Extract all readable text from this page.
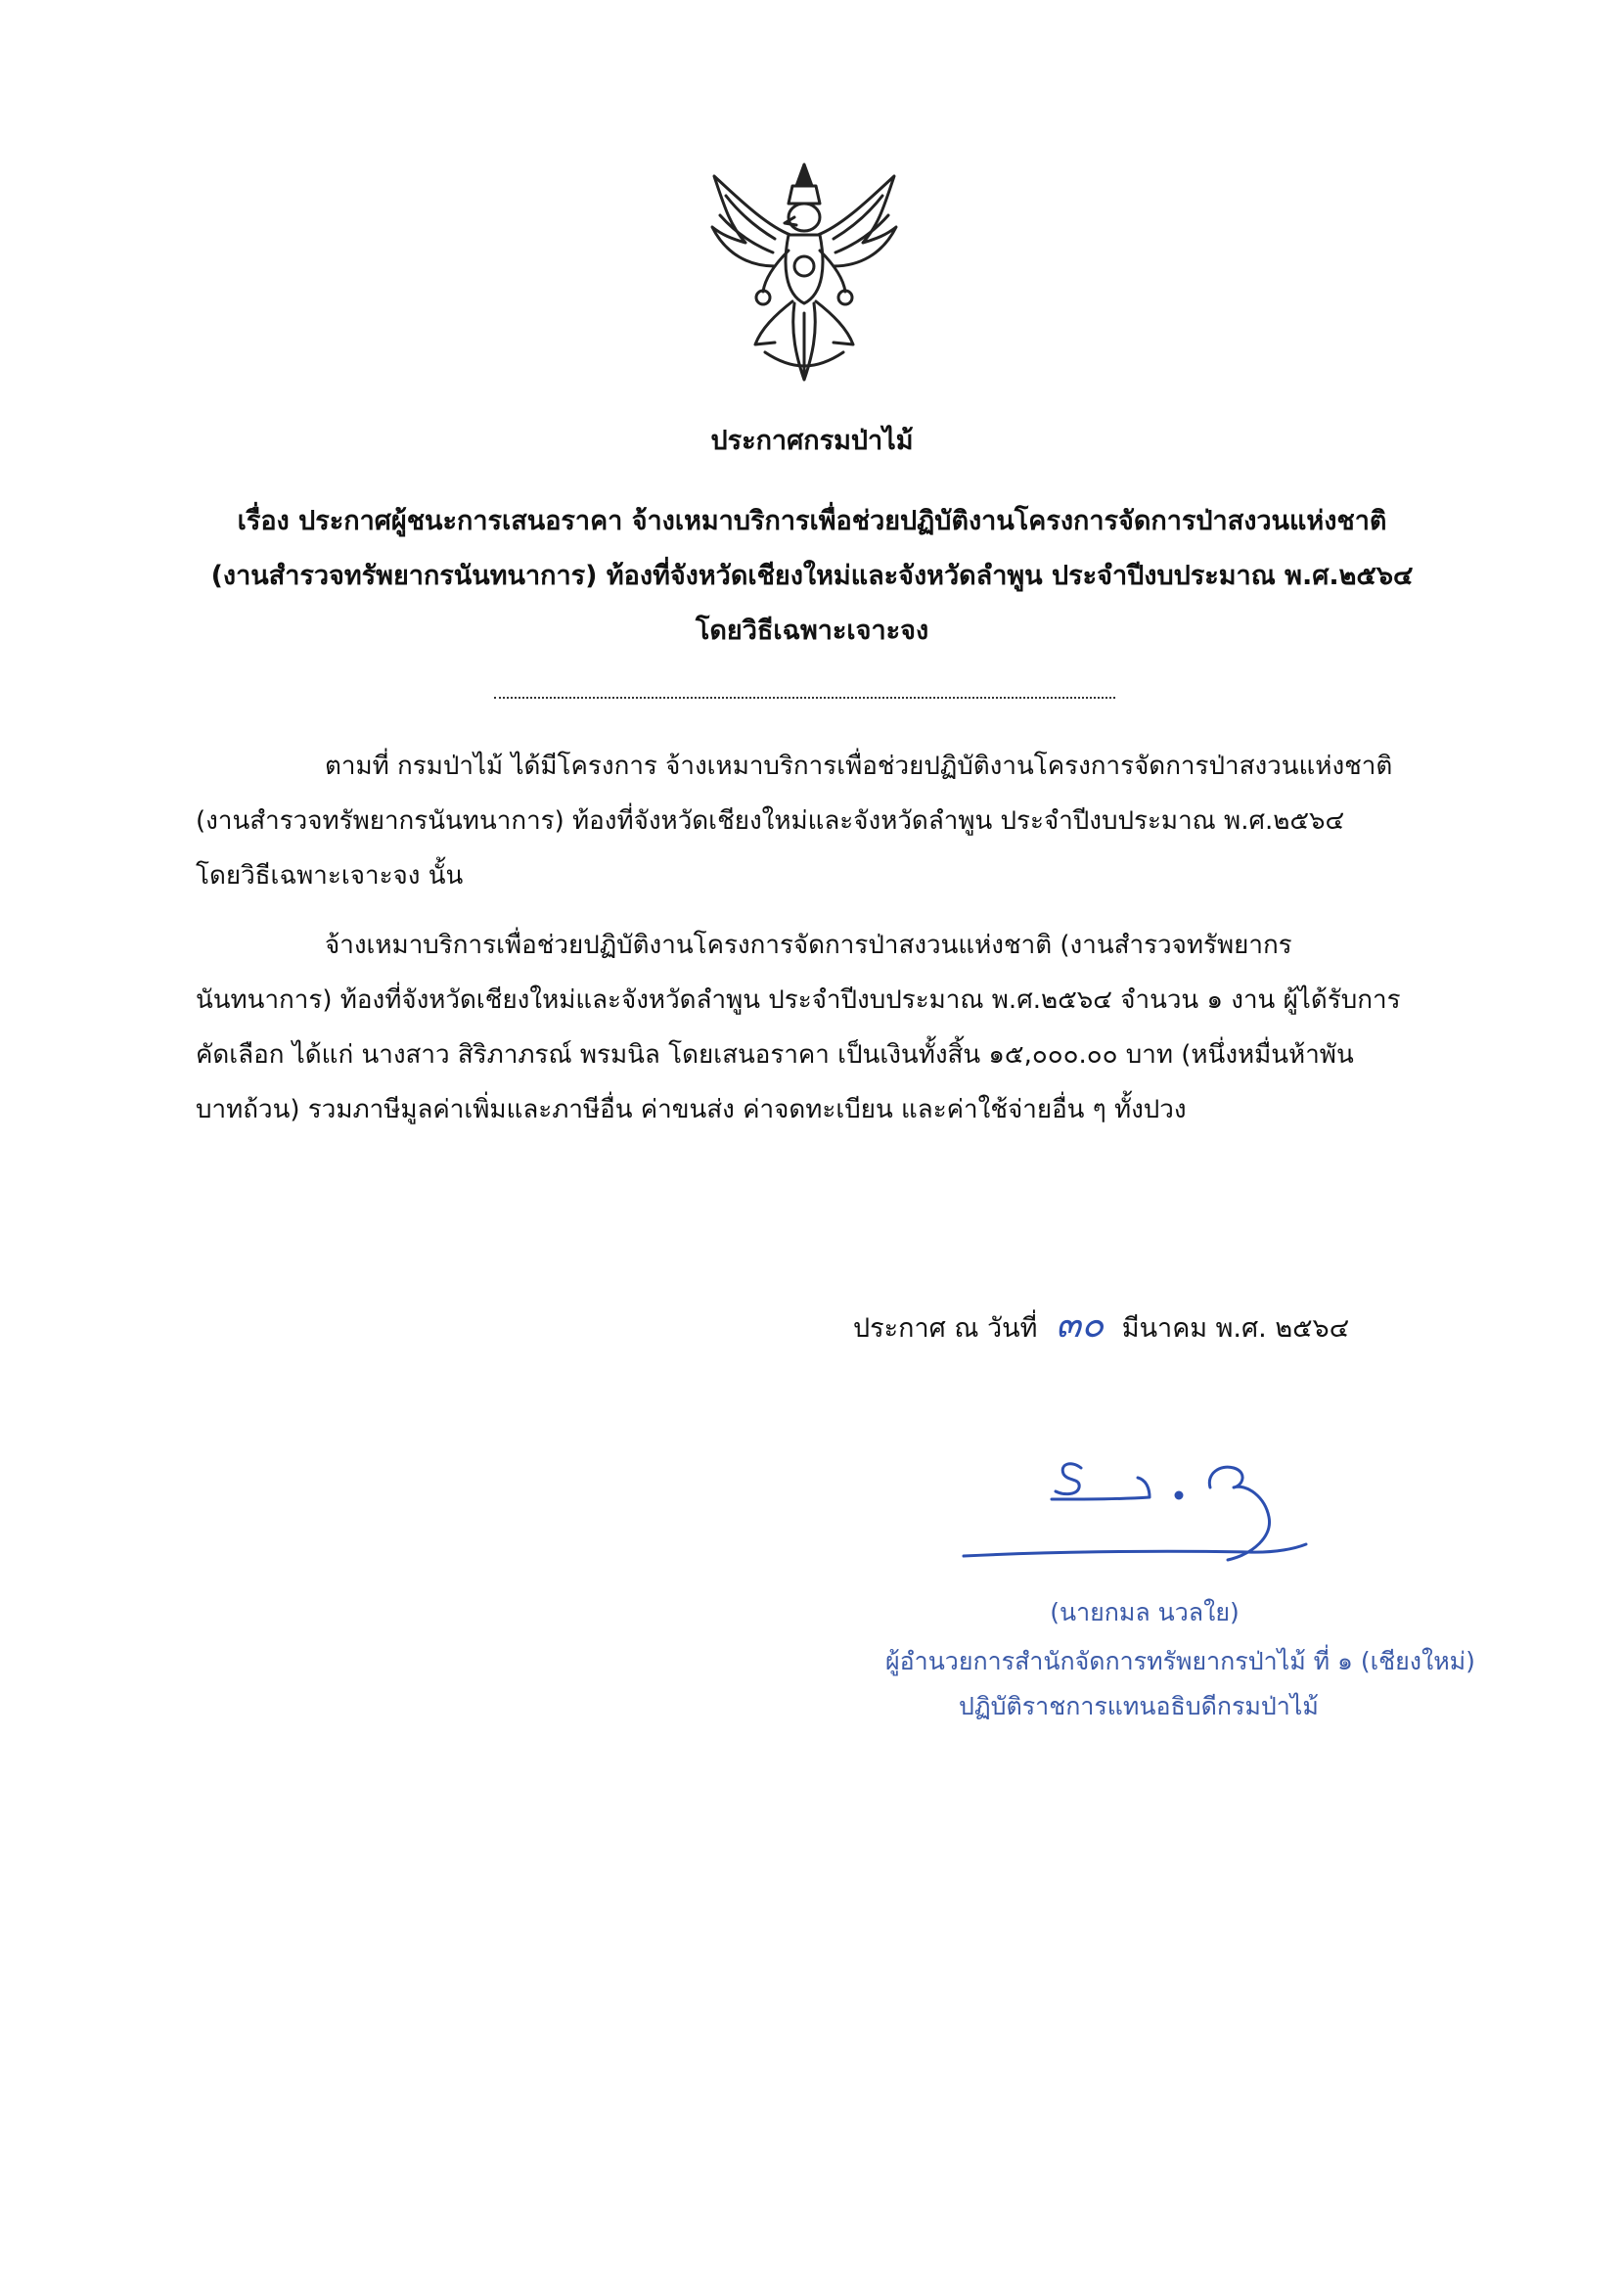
ประกาศกรมป่าไม้
เรื่อง ประกาศผู้ชนะการเสนอราคา จ้างเหมาบริการเพื่อช่วยปฏิบัติงานโครงการจัดการป่าสงวนแห่งชาติ
(งานสำรวจทรัพยากรนันทนาการ) ท้องที่จังหวัดเชียงใหม่และจังหวัดลำพูน ประจำปีงบประมาณ พ.ศ.๒๕๖๔
โดยวิธีเฉพาะเจาะจง

ตามที่ กรมป่าไม้ ได้มีโครงการ จ้างเหมาบริการเพื่อช่วยปฏิบัติงานโครงการจัดการป่าสงวนแห่งชาติ
(งานสำรวจทรัพยากรนันทนาการ) ท้องที่จังหวัดเชียงใหม่และจังหวัดลำพูน ประจำปีงบประมาณ พ.ศ.๒๕๖๔
โดยวิธีเฉพาะเจาะจง นั้น

จ้างเหมาบริการเพื่อช่วยปฏิบัติงานโครงการจัดการป่าสงวนแห่งชาติ (งานสำรวจทรัพยากร
นันทนาการ) ท้องที่จังหวัดเชียงใหม่และจังหวัดลำพูน ประจำปีงบประมาณ พ.ศ.๒๕๖๔ จำนวน ๑ งาน ผู้ได้รับการ
คัดเลือก ได้แก่ นางสาว สิริภาภรณ์ พรมนิล โดยเสนอราคา เป็นเงินทั้งสิ้น ๑๕,๐๐๐.๐๐ บาท (หนึ่งหมื่นห้าพัน
บาทถ้วน) รวมภาษีมูลค่าเพิ่มและภาษีอื่น ค่าขนส่ง ค่าจดทะเบียน และค่าใช้จ่ายอื่น ๆ ทั้งปวง

ประกาศ ณ วันที่ ๓๐ มีนาคม พ.ศ. ๒๕๖๔

(นายกมล นวลใย)
ผู้อำนวยการสำนักจัดการทรัพยากรป่าไม้ ที่ ๑ (เชียงใหม่)
ปฏิบัติราชการแทนอธิบดีกรมป่าไม้
